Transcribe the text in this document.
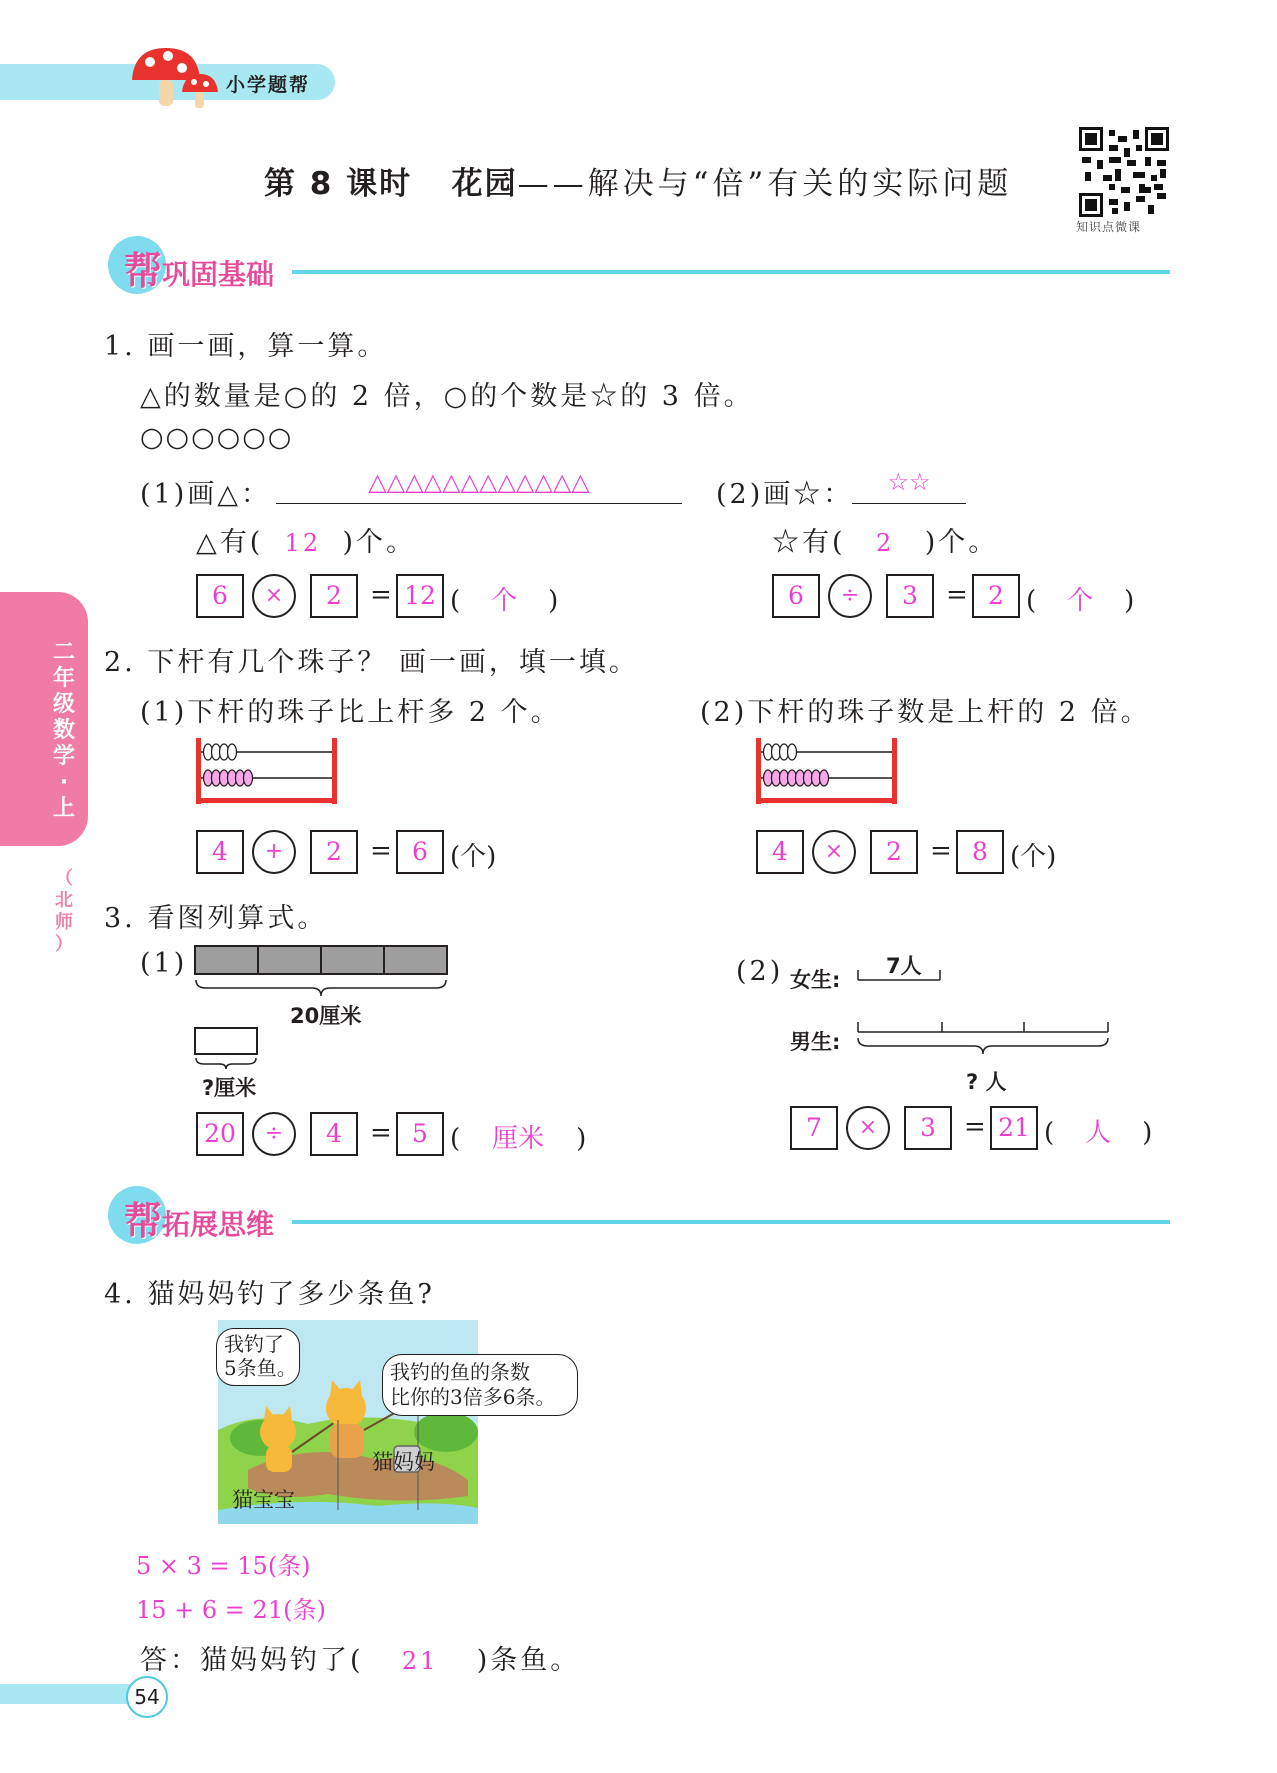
小学题帮
第 8 课时 花园——解决与“倍”有关的实际问题
知识点微课
帮巩固基础
二
年
级
数
学
·
上
（
北
师
）
1. 画一画，算一算。
△的数量是○的 2 倍，○的个数是☆的 3 倍。
○○○○○○
(1)画△：	△△△△△△△△△△△△
△有( 12 )个。
6	×	2	= 12 ( 个 )
(2)画☆：	☆☆
☆有( 2 )个。
6	÷	3	= 2 ( 个 )
2. 下杆有几个珠子？ 画一画，填一填。
(1)下杆的珠子比上杆多 2 个。	(2)下杆的珠子数是上杆的 2 倍。
4	+	2	= 6 (个)	4	×	2	= 8 (个)
3. 看图列算式。
(1)
20厘米
?厘米
20	÷	4	= 5 ( 厘米 )
(2) 女生:
7人
男生:
? 人
7	×	3	= 21 ( 人 )
帮拓展思维
4. 猫妈妈钓了多少条鱼?
我钓了
5条鱼。	我钓的鱼的条数
比你的3倍多6条。
猫宝宝
猫妈妈
5 × 3 = 15(条)
15 + 6 = 21(条)
答：猫妈妈钓了( 21 )条鱼。
54
